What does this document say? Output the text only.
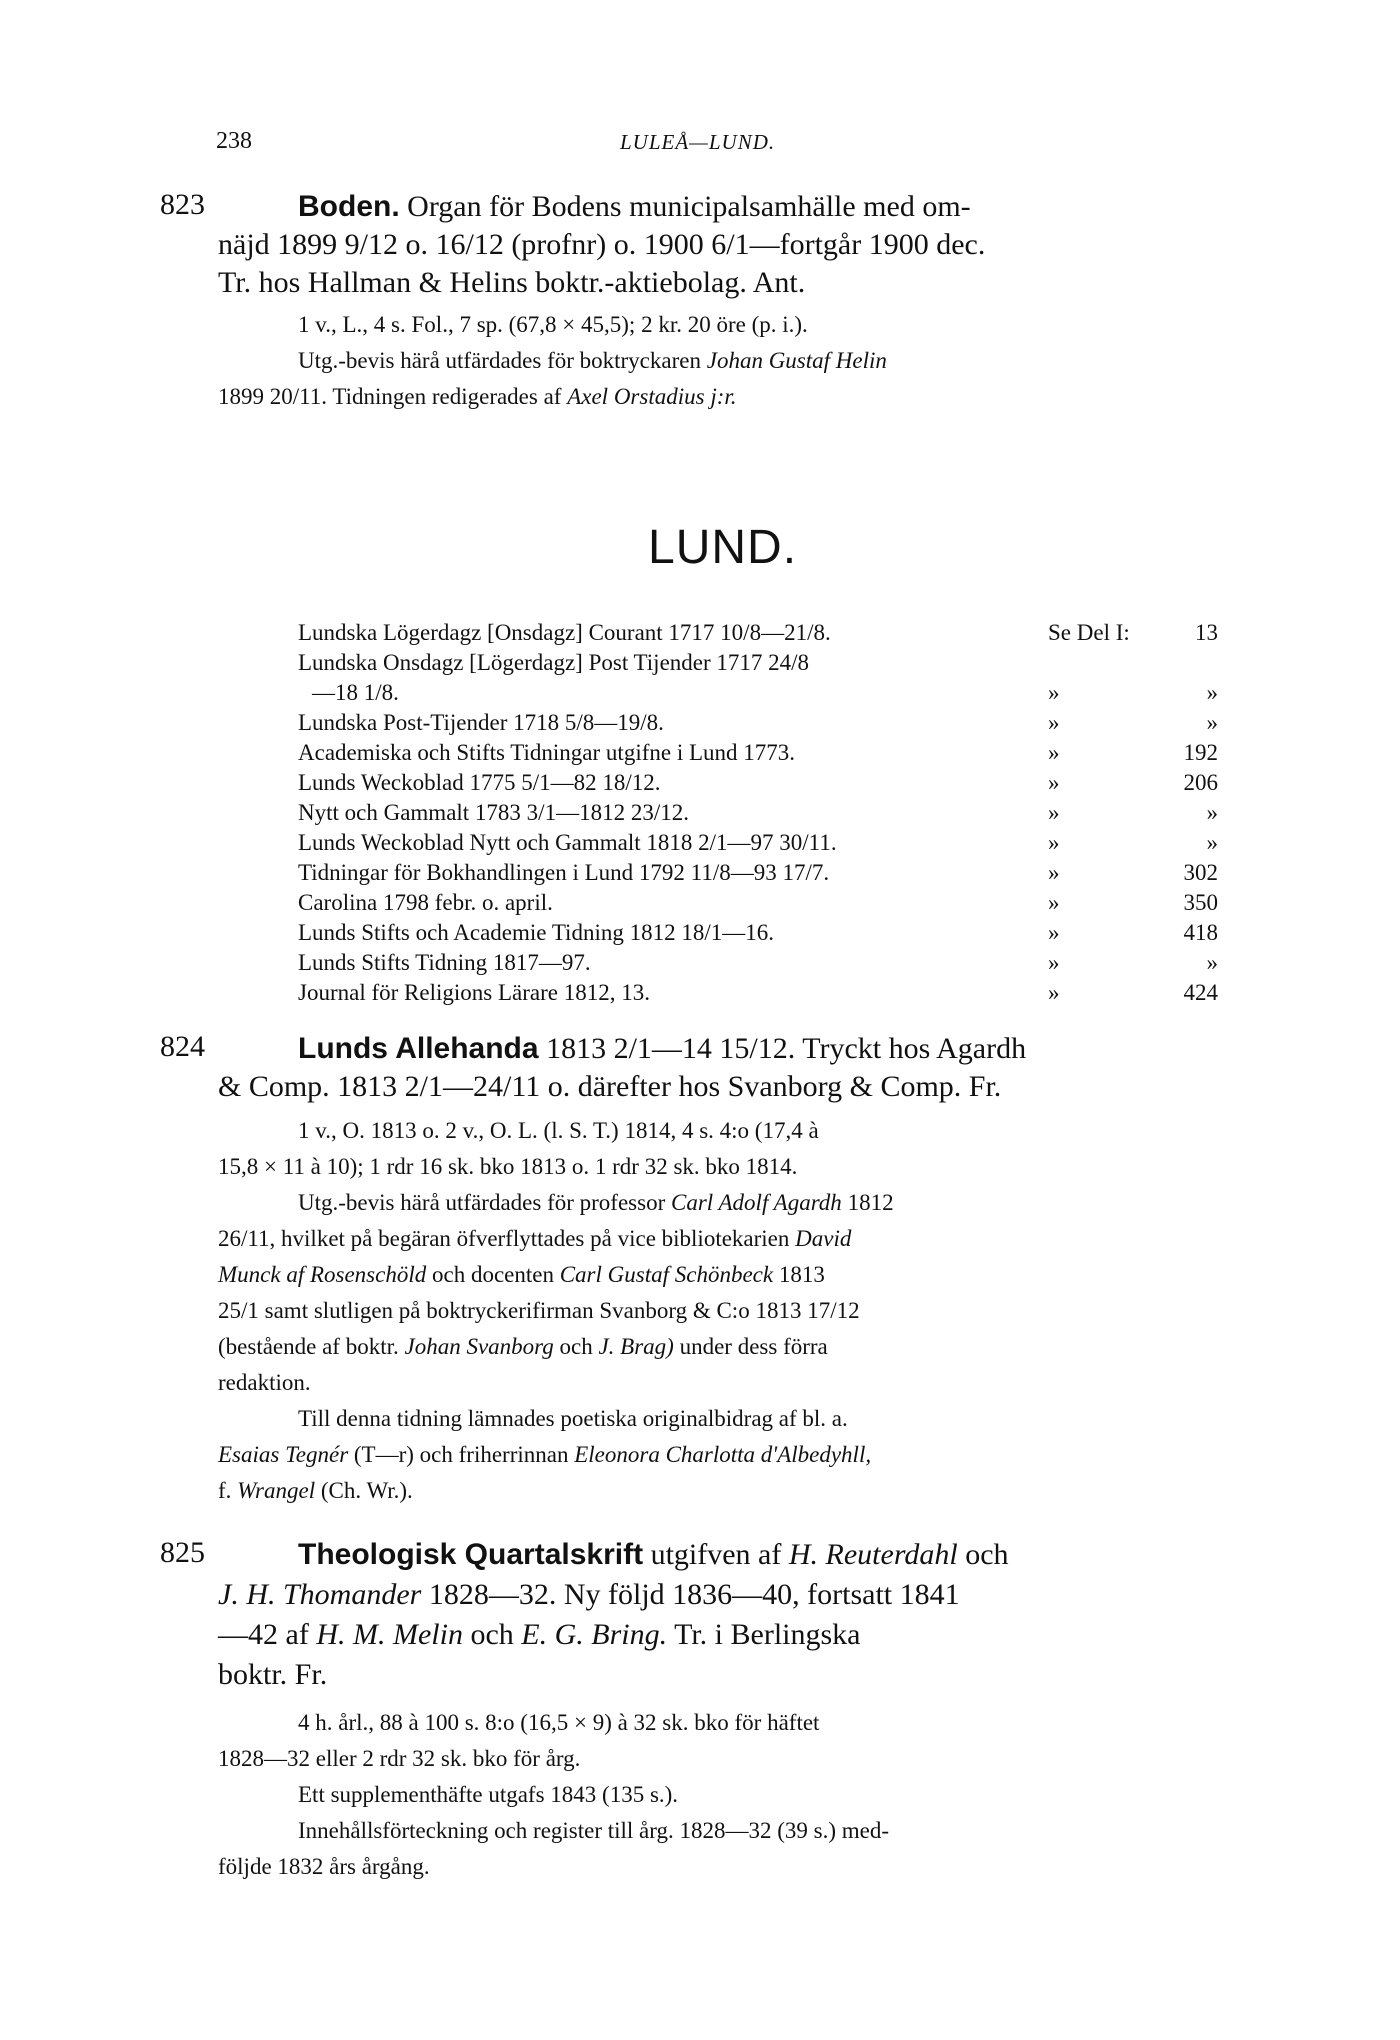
238	LULEÅ—LUND.
823	Boden. Organ för Bodens municipalsamhälle med om-
näjd 1899 9/12 o. 16/12 (profnr) o. 1900 6/1—fortgår 1900 dec.
Tr. hos Hallman & Helins boktr.-aktiebolag. Ant.
1 v., L., 4 s. Fol., 7 sp. (67,8 × 45,5); 2 kr. 20 öre (p. i.).
Utg.-bevis härå utfärdades för boktryckaren Johan Gustaf Helin
1899 20/11. Tidningen redigerades af Axel Orstadius j:r.
LUND.
Lundska Lögerdagz [Onsdagz] Courant 1717 10/8—21/8.	Se Del I:	13
Lundska Onsdagz [Lögerdagz] Post Tijender 1717 24/8
—18 1/8.	»	»
Lundska Post-Tijender 1718 5/8—19/8.	»	»
Academiska och Stifts Tidningar utgifne i Lund 1773.	»	192
Lunds Weckoblad 1775 5/1—82 18/12.	»	206
Nytt och Gammalt 1783 3/1—1812 23/12.	»	»
Lunds Weckoblad Nytt och Gammalt 1818 2/1—97 30/11.	»	»
Tidningar för Bokhandlingen i Lund 1792 11/8—93 17/7.	»	302
Carolina 1798 febr. o. april.	»	350
Lunds Stifts och Academie Tidning 1812 18/1—16.	»	418
Lunds Stifts Tidning 1817—97.	»	»
Journal för Religions Lärare 1812, 13.	»	424
824	Lunds Allehanda 1813 2/1—14 15/12. Tryckt hos Agardh
& Comp. 1813 2/1—24/11 o. därefter hos Svanborg & Comp. Fr.
1 v., O. 1813 o. 2 v., O. L. (l. S. T.) 1814, 4 s. 4:o (17,4 à
15,8 × 11 à 10); 1 rdr 16 sk. bko 1813 o. 1 rdr 32 sk. bko 1814.
Utg.-bevis härå utfärdades för professor Carl Adolf Agardh 1812
26/11, hvilket på begäran öfverflyttades på vice bibliotekarien David
Munck af Rosenschöld och docenten Carl Gustaf Schönbeck 1813
25/1 samt slutligen på boktryckerifirman Svanborg & C:o 1813 17/12
(bestående af boktr. Johan Svanborg och J. Brag) under dess förra
redaktion.
Till denna tidning lämnades poetiska originalbidrag af bl. a.
Esaias Tegnér (T—r) och friherrinnan Eleonora Charlotta d'Albedyhll,
f. Wrangel (Ch. Wr.).
825	Theologisk Quartalskrift utgifven af H. Reuterdahl och
J. H. Thomander 1828—32. Ny följd 1836—40, fortsatt 1841
—42 af H. M. Melin och E. G. Bring. Tr. i Berlingska
boktr. Fr.
4 h. årl., 88 à 100 s. 8:o (16,5 × 9) à 32 sk. bko för häftet
1828—32 eller 2 rdr 32 sk. bko för årg.
Ett supplementhäfte utgafs 1843 (135 s.).
Innehållsförteckning och register till årg. 1828—32 (39 s.) med-
följde 1832 års årgång.
